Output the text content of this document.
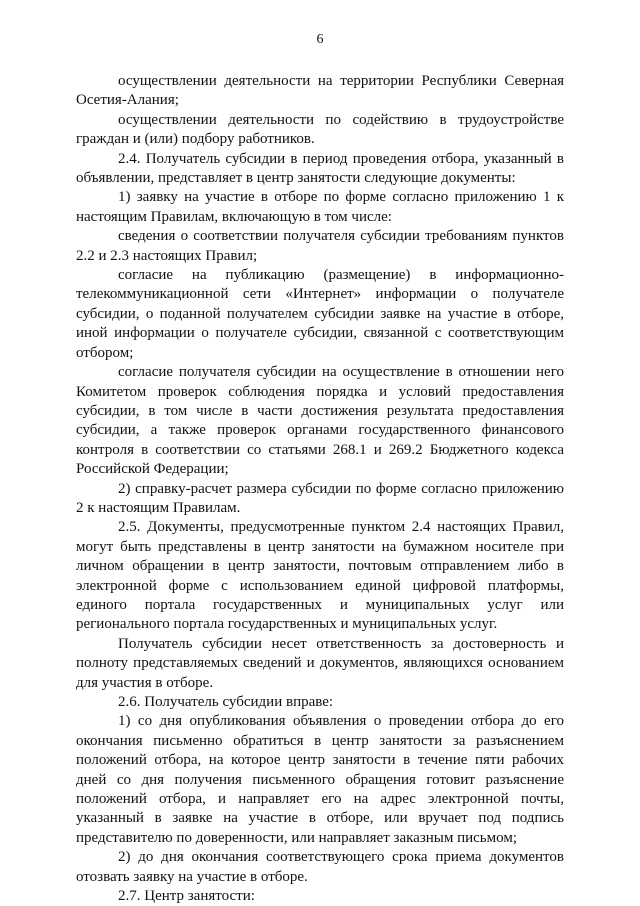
6

осуществлении деятельности на территории Республики Северная Осетия-Алания;

осуществлении деятельности по содействию в трудоустройстве граждан и (или) подбору работников.

2.4. Получатель субсидии в период проведения отбора, указанный в объявлении, представляет в центр занятости следующие документы:

1) заявку на участие в отборе по форме согласно приложению 1 к настоящим Правилам, включающую в том числе:

сведения о соответствии получателя субсидии требованиям пунктов 2.2 и 2.3 настоящих Правил;

согласие на публикацию (размещение) в информационно-телекоммуникационной сети «Интернет» информации о получателе субсидии, о поданной получателем субсидии заявке на участие в отборе, иной информации о получателе субсидии, связанной с соответствующим отбором;

согласие получателя субсидии на осуществление в отношении него Комитетом проверок соблюдения порядка и условий предоставления субсидии, в том числе в части достижения результата предоставления субсидии, а также проверок органами государственного финансового контроля в соответствии со статьями 268.1 и 269.2 Бюджетного кодекса Российской Федерации;

2) справку-расчет размера субсидии по форме согласно приложению 2 к настоящим Правилам.

2.5. Документы, предусмотренные пунктом 2.4 настоящих Правил, могут быть представлены в центр занятости на бумажном носителе при личном обращении в центр занятости, почтовым отправлением либо в электронной форме с использованием единой цифровой платформы, единого портала государственных и муниципальных услуг или регионального портала государственных и муниципальных услуг.

Получатель субсидии несет ответственность за достоверность и полноту представляемых сведений и документов, являющихся основанием для участия в отборе.

2.6. Получатель субсидии вправе:

1) со дня опубликования объявления о проведении отбора до его окончания письменно обратиться в центр занятости за разъяснением положений отбора, на которое центр занятости в течение пяти рабочих дней со дня получения письменного обращения готовит разъяснение положений отбора, и направляет его на адрес электронной почты, указанный в заявке на участие в отборе, или вручает под подпись представителю по доверенности, или направляет заказным письмом;

2) до дня окончания соответствующего срока приема документов отозвать заявку на участие в отборе.

2.7. Центр занятости:
